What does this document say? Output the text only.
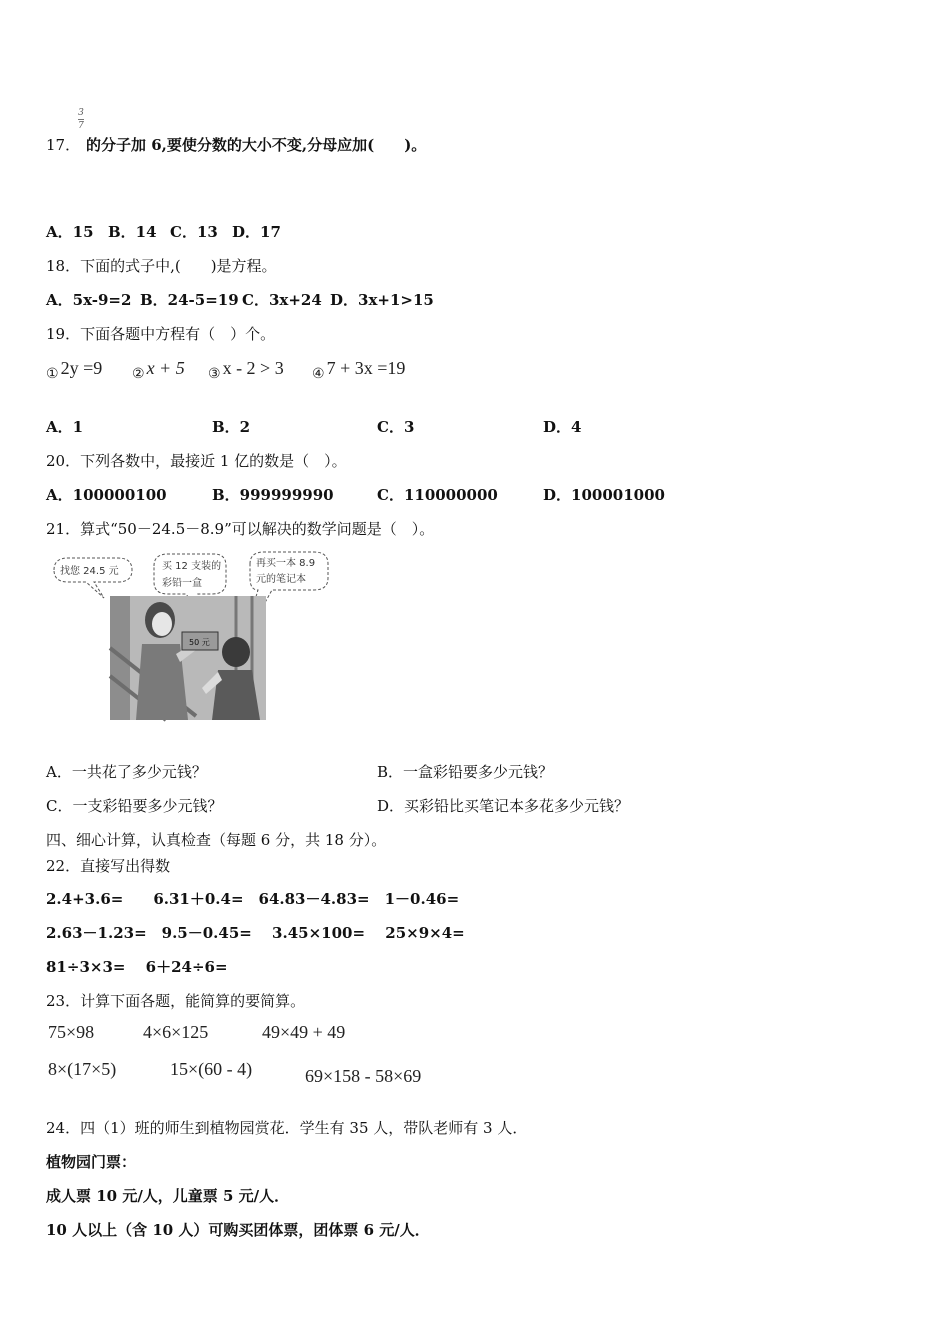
17．
3
7
的分子加 6,要使分数的大小不变,分母应加(　　)。
A．15 B．14 C．13 D．17
18．下面的式子中,(　　)是方程。
A．5x-9=2 B．24-5=19 C．3x+24 D．3x+1>15
19．下面各题中方程有（　）个。
$_①$ 2y =9 $_②$ x + 5 $_③$ x - 2 > 3 $_④$ 7 + 3x =19
A．1	B．2	C．3	D．4
20．下列各数中，最接近 1 亿的数是（　）。
A．100000100	B．999999990	C．110000000	D．100001000
21．算式“50－24.5－8.9”可以解决的数学问题是（　）。
找您 24.5 元	买 12 支装的
彩铅一盒
再买一本 8.9
元的笔记本
50 元
A．一共花了多少元钱？	B．一盒彩铅要多少元钱？
C．一支彩铅要多少元钱？	D．买彩铅比买笔记本多花多少元钱？
四、细心计算，认真检查（每题 6 分，共 18 分）。
22．直接写出得数
2.4+3.6=　　6.31＋0.4=　64.83－4.83=　1－0.46=
2.63－1.23=　9.5－0.45=　 3.45×100=　 25×9×4=
81÷3×3=　 6＋24÷6=
23．计算下面各题，能简算的要简算。
75×98	4×6×125	49×49 + 49
8×(17×5)	15×(60 - 4)	69×158 - 58×69
24．四（1）班的师生到植物园赏花．学生有 35 人，带队老师有 3 人．
植物园门票：
成人票 10 元/人，儿童票 5 元/人．
10 人以上（含 10 人）可购买团体票，团体票 6 元/人．
